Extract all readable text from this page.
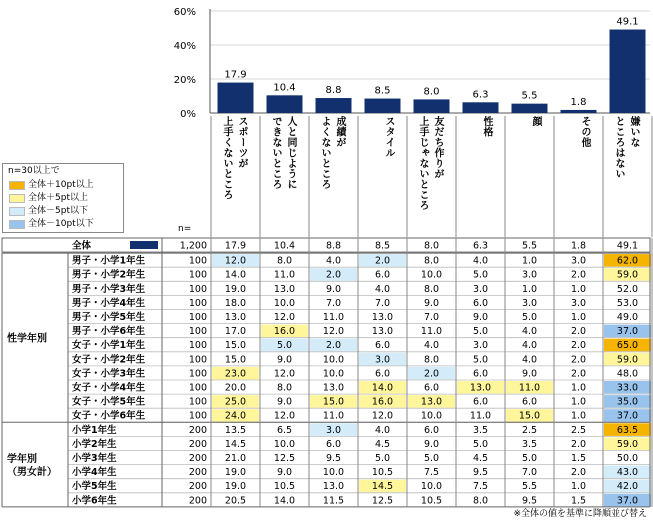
0%
20%
40%
60%
17.9
10.4	8.8	8.5	8.0	6.3	5.5
1.8
49.1
全体	1,200 17.9	10.4	8.8	8.5	8.0	6.3	5.5	1.8	49.1
男子・小学1年生	100 12.0	8.0	4.0	2.0	8.0	4.0	1.0	3.0	62.0
男子・小学2年生	100 14.0	11.0	2.0	6.0	10.0	5.0	3.0	2.0	59.0
男子・小学3年生	100 19.0	13.0	9.0	4.0	8.0	3.0	1.0	1.0	52.0
男子・小学4年生	100 18.0	10.0	7.0	7.0	9.0	6.0	3.0	3.0	53.0
男子・小学5年生	100 13.0	12.0	11.0	13.0	7.0	9.0	5.0	1.0	49.0
男子・小学6年生	100 17.0	16.0	12.0	13.0	11.0	5.0	4.0	2.0	37.0
女子・小学1年生	100 15.0	5.0	2.0	6.0	4.0	3.0	4.0	2.0	65.0
女子・小学2年生	100 15.0	9.0	10.0	3.0	8.0	5.0	4.0	2.0	59.0
女子・小学3年生	100 23.0	12.0	10.0	6.0	2.0	6.0	9.0	2.0	48.0
女子・小学4年生	100 20.0	8.0	13.0	14.0	6.0	13.0	11.0	1.0	33.0
女子・小学5年生	100 25.0	9.0	15.0	16.0	13.0	6.0	6.0	1.0	35.0
女子・小学6年生	100 24.0	12.0	11.0	12.0	10.0	11.0	15.0	1.0	37.0
小学1年生	200 13.5	6.5	3.0	4.0	6.0	3.5	2.5	2.5	63.5
小学2年生	200 14.5	10.0	6.0	4.5	9.0	5.0	3.5	2.0	59.0
小学3年生	200 21.0	12.5	9.5	5.0	5.0	4.5	5.0	1.5	50.0
小学4年生	200 19.0	9.0	10.0	10.5	7.5	9.5	7.0	2.0	43.0
小学5年生	200 19.0	10.5	13.0	14.5	10.0	7.5	5.5	1.0	42.0
小学6年生	200 20.5	14.0	11.5	12.5	10.5	8.0	9.5	1.5	37.0
性学年別
学年別
（男女計）
n=30以上で
全体＋10pt以上
全体＋5pt以上
全体－5pt以下
全体－10pt以下	n=
スポーツが
上手くないところ	人と同じように
できないところ	成績が
よくないところ	スタイル	友だち作りが
上手じゃないところ	性格	顔	その他	嫌いな
ところはない
※全体の値を基準に降順並び替え
